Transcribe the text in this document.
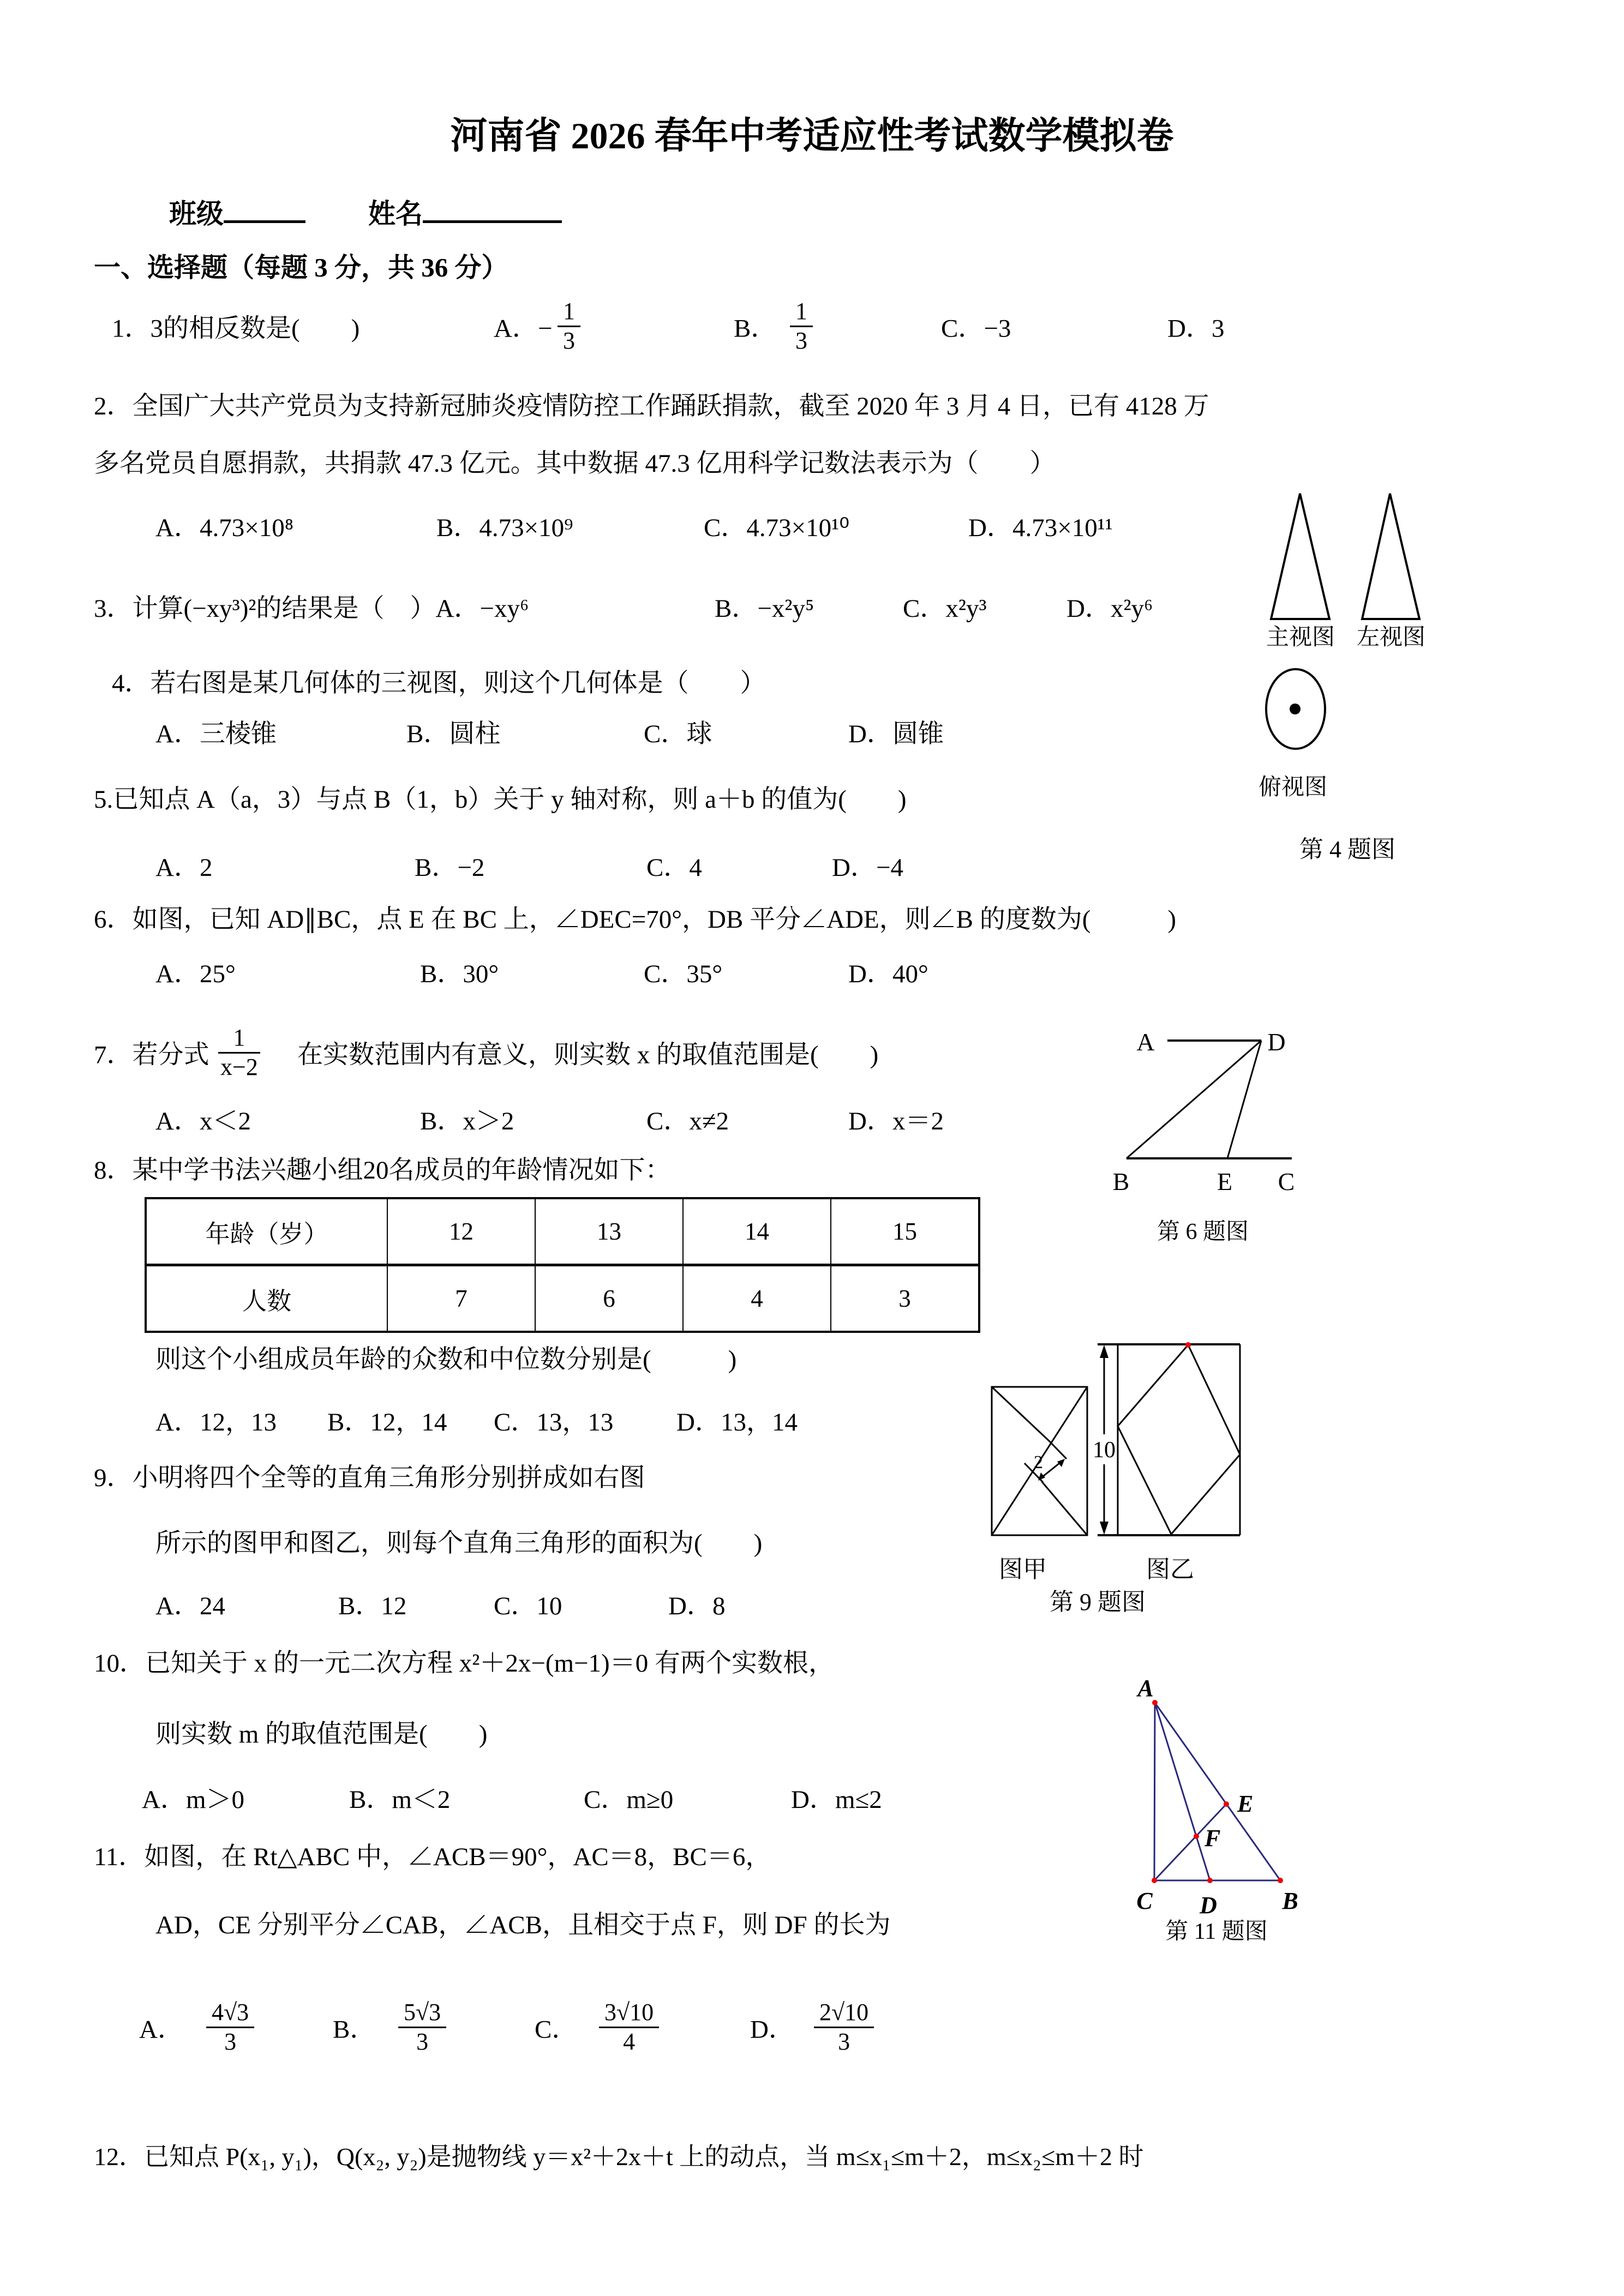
河南省 2026 春年中考适应性考试数学模拟卷
班级	姓名
一、选择题（每题 3 分，共 36 分）
1．3的相反数是(　　)	A．− $\frac{1}{3}$	B． $\frac{1}{3}$	C．−3	D．3
2．全国广大共产党员为支持新冠肺炎疫情防控工作踊跃捐款，截至 2020 年 3 月 4 日，已有 4128 万
多名党员自愿捐款，共捐款 47.3 亿元。其中数据 47.3 亿用科学记数法表示为（　　）
A．4.73×10⁸	B．4.73×10⁹	C．4.73×10¹⁰	D．4.73×10¹¹
3．计算(−xy³)²的结果是（　）A．−xy⁶	B．−x²y⁵	C．x²y³	D．x²y⁶
4．若右图是某几何体的三视图，则这个几何体是（　　）
A．三棱锥	B．圆柱	C．球	D．圆锥
5.已知点 A（a，3）与点 B（1，b）关于 y 轴对称，则 a＋b 的值为(　　)
A．2	B．−2	C．4	D．−4
6．如图，已知 AD∥BC，点 E 在 BC 上，∠DEC=70°，DB 平分∠ADE，则∠B 的度数为(　　　)
A．25°	B．30°	C．35°	D．40°
7．若分式 $\frac{1}{x-2}$ 在实数范围内有意义，则实数 x 的取值范围是(　　)
A．x＜2	B．x＞2	C．x≠2	D．x＝2
8．某中学书法兴趣小组20名成员的年龄情况如下：
年龄（岁）	12	13	14	15
人数	7	6	4	3
则这个小组成员年龄的众数和中位数分别是(　　　)
A．12，13 B．12，14 C．13，13 D．13，14
9．小明将四个全等的直角三角形分别拼成如右图
所示的图甲和图乙，则每个直角三角形的面积为(　　)
A．24	B．12	C．10	D．8
10．已知关于 x 的一元二次方程 x²＋2x−(m−1)＝0 有两个实数根，
则实数 m 的取值范围是(　　)
A．m＞0	B．m＜2	C．m≥0	D．m≤2
11．如图，在 Rt△ABC 中，∠ACB＝90°，AC＝8，BC＝6，
AD，CE 分别平分∠CAB，∠ACB，且相交于点 F，则 DF 的长为
A． $\frac{4√3}{3}$	B． $\frac{5√3}{3}$	C． $\frac{3√10}{4}$	D． $\frac{2√10}{3}$
12．已知点 P(x₁, y₁)，Q(x₂, y₂)是抛物线 y＝x²＋2x＋t 上的动点，当 m≤x₁≤m＋2，m≤x₂≤m＋2 时
主视图 左视图
俯视图
第 4 题图
A	D
B	E C
第 6 题图
2 10
图甲	图乙
第 9 题图
A
C D	B
E
F
第 11 题图
